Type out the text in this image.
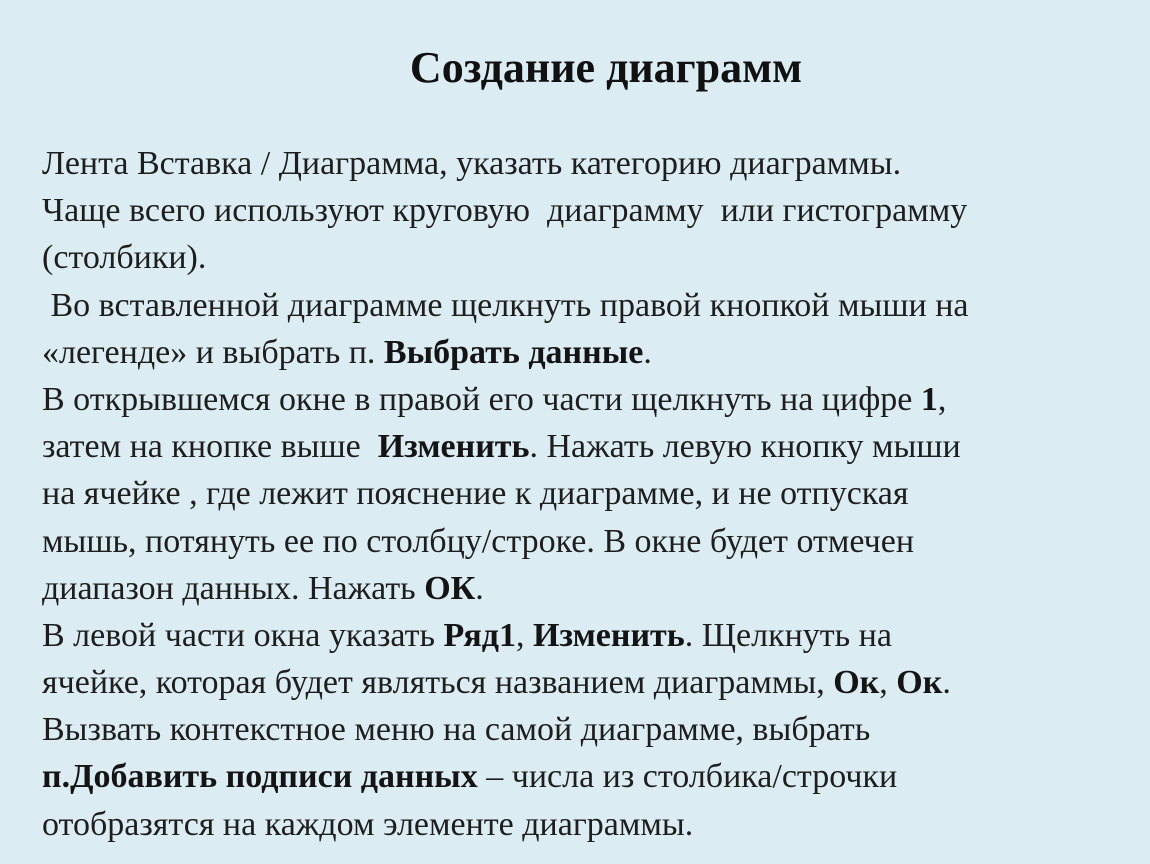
Создание диаграмм
Лента Вставка / Диаграмма, указать категорию диаграммы.
Чаще всего используют круговую  диаграмму  или гистограмму
(столбики).
Во вставленной диаграмме щелкнуть правой кнопкой мыши на
«легенде» и выбрать п. Выбрать данные.
В открывшемся окне в правой его части щелкнуть на цифре 1,
затем на кнопке выше  Изменить. Нажать левую кнопку мыши
на ячейке , где лежит пояснение к диаграмме, и не отпуская
мышь, потянуть ее по столбцу/строке. В окне будет отмечен
диапазон данных. Нажать ОК.
В левой части окна указать Ряд1, Изменить. Щелкнуть на
ячейке, которая будет являться названием диаграммы, Ок, Ок.
Вызвать контекстное меню на самой диаграмме, выбрать
п.Добавить подписи данных – числа из столбика/строчки
отобразятся на каждом элементе диаграммы.
